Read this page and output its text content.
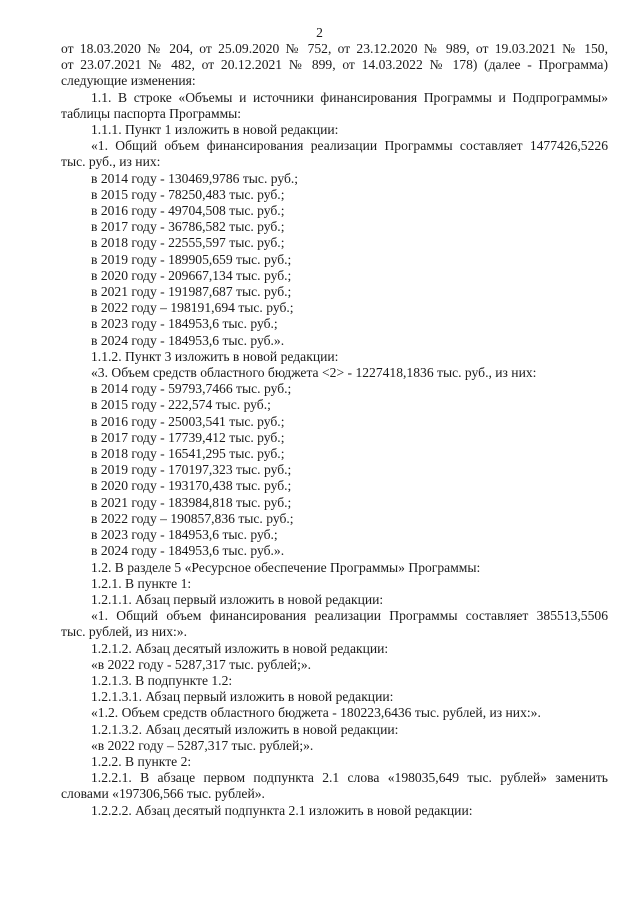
2
от 18.03.2020 № 204, от 25.09.2020 № 752, от 23.12.2020 № 989, от 19.03.2021 № 150,
от 23.07.2021 № 482, от 20.12.2021 № 899, от 14.03.2022 № 178) (далее - Программа)
следующие изменения:
1.1. В строке «Объемы и источники финансирования Программы и Подпрограммы»
таблицы паспорта Программы:
1.1.1. Пункт 1 изложить в новой редакции:
«1. Общий объем финансирования реализации Программы составляет 1477426,5226
тыс. руб., из них:
в 2014 году - 130469,9786 тыс. руб.;
в 2015 году - 78250,483 тыс. руб.;
в 2016 году - 49704,508 тыс. руб.;
в 2017 году - 36786,582 тыс. руб.;
в 2018 году - 22555,597 тыс. руб.;
в 2019 году - 189905,659 тыс. руб.;
в 2020 году - 209667,134 тыс. руб.;
в 2021 году - 191987,687 тыс. руб.;
в 2022 году – 198191,694 тыс. руб.;
в 2023 году - 184953,6 тыс. руб.;
в 2024 году - 184953,6 тыс. руб.».
1.1.2. Пункт 3 изложить в новой редакции:
«3. Объем средств областного бюджета <2> - 1227418,1836 тыс. руб., из них:
в 2014 году - 59793,7466 тыс. руб.;
в 2015 году - 222,574 тыс. руб.;
в 2016 году - 25003,541 тыс. руб.;
в 2017 году - 17739,412 тыс. руб.;
в 2018 году - 16541,295 тыс. руб.;
в 2019 году - 170197,323 тыс. руб.;
в 2020 году - 193170,438 тыс. руб.;
в 2021 году - 183984,818 тыс. руб.;
в 2022 году – 190857,836 тыс. руб.;
в 2023 году - 184953,6 тыс. руб.;
в 2024 году - 184953,6 тыс. руб.».
1.2. В разделе 5 «Ресурсное обеспечение Программы» Программы:
1.2.1. В пункте 1:
1.2.1.1. Абзац первый изложить в новой редакции:
«1. Общий объем финансирования реализации Программы составляет 385513,5506
тыс. рублей, из них:».
1.2.1.2. Абзац десятый изложить в новой редакции:
«в 2022 году - 5287,317 тыс. рублей;».
1.2.1.3. В подпункте 1.2:
1.2.1.3.1. Абзац первый изложить в новой редакции:
«1.2. Объем средств областного бюджета - 180223,6436 тыс. рублей, из них:».
1.2.1.3.2. Абзац десятый изложить в новой редакции:
«в 2022 году – 5287,317 тыс. рублей;».
1.2.2. В пункте 2:
1.2.2.1. В абзаце первом подпункта 2.1 слова «198035,649 тыс. рублей» заменить
словами «197306,566 тыс. рублей».
1.2.2.2. Абзац десятый подпункта 2.1 изложить в новой редакции:
